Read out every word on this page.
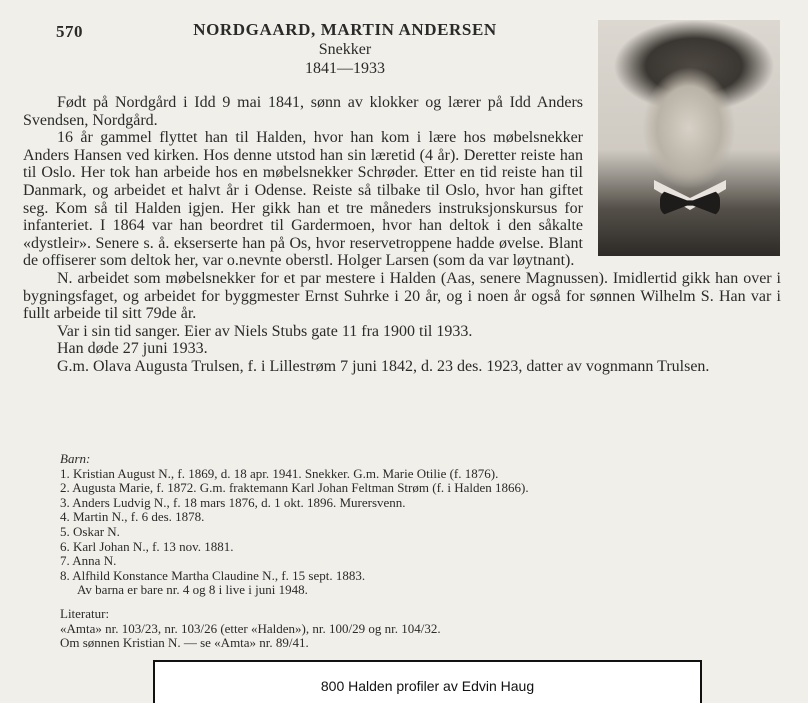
570	NORDGAARD, MARTIN ANDERSEN
Snekker
1841—1933

Født på Nordgård i Idd 9 mai 1841, sønn av klokker og lærer på Idd Anders Svendsen, Nordgård.

16 år gammel flyttet han til Halden, hvor han kom i lære hos møbelsnekker Anders Hansen ved kirken. Hos denne utstod han sin læretid (4 år). Deretter reiste han til Oslo. Her tok han arbeide hos en møbelsnekker Schrøder. Etter en tid reiste han til Danmark, og arbeidet et halvt år i Odense. Reiste så tilbake til Oslo, hvor han giftet seg. Kom så til Halden igjen. Her gikk han et tre måneders instruksjonskursus for infanteriet. I 1864 var han beordret til Gardermoen, hvor han deltok i den såkalte «dystleir». Senere s. å. ekserserte han på Os, hvor reservetroppene hadde øvelse. Blant de offiserer som deltok her, var o.nevnte oberstl. Holger Larsen (som da var løytnant).

N. arbeidet som møbelsnekker for et par mestere i Halden (Aas, senere Magnussen). Imidlertid gikk han over i bygningsfaget, og arbeidet for byggmester Ernst Suhrke i 20 år, og i noen år også for sønnen Wilhelm S. Han var i fullt arbeide til sitt 79de år.

Var i sin tid sanger. Eier av Niels Stubs gate 11 fra 1900 til 1933.

Han døde 27 juni 1933.

G.m. Olava Augusta Trulsen, f. i Lillestrøm 7 juni 1842, d. 23 des. 1923, datter av vognmann Trulsen.

Barn:
1. Kristian August N., f. 1869, d. 18 apr. 1941. Snekker. G.m. Marie Otilie (f. 1876).
2. Augusta Marie, f. 1872. G.m. fraktemann Karl Johan Feltman Strøm (f. i Halden 1866).
3. Anders Ludvig N., f. 18 mars 1876, d. 1 okt. 1896. Murersvenn.
4. Martin N., f. 6 des. 1878.
5. Oskar N.
6. Karl Johan N., f. 13 nov. 1881.
7. Anna N.
8. Alfhild Konstance Martha Claudine N., f. 15 sept. 1883.
Av barna er bare nr. 4 og 8 i live i juni 1948.
Literatur:
«Amta» nr. 103/23, nr. 103/26 (etter «Halden»), nr. 100/29 og nr. 104/32.
Om sønnen Kristian N. — se «Amta» nr. 89/41.
800 Halden profiler av Edvin Haug
